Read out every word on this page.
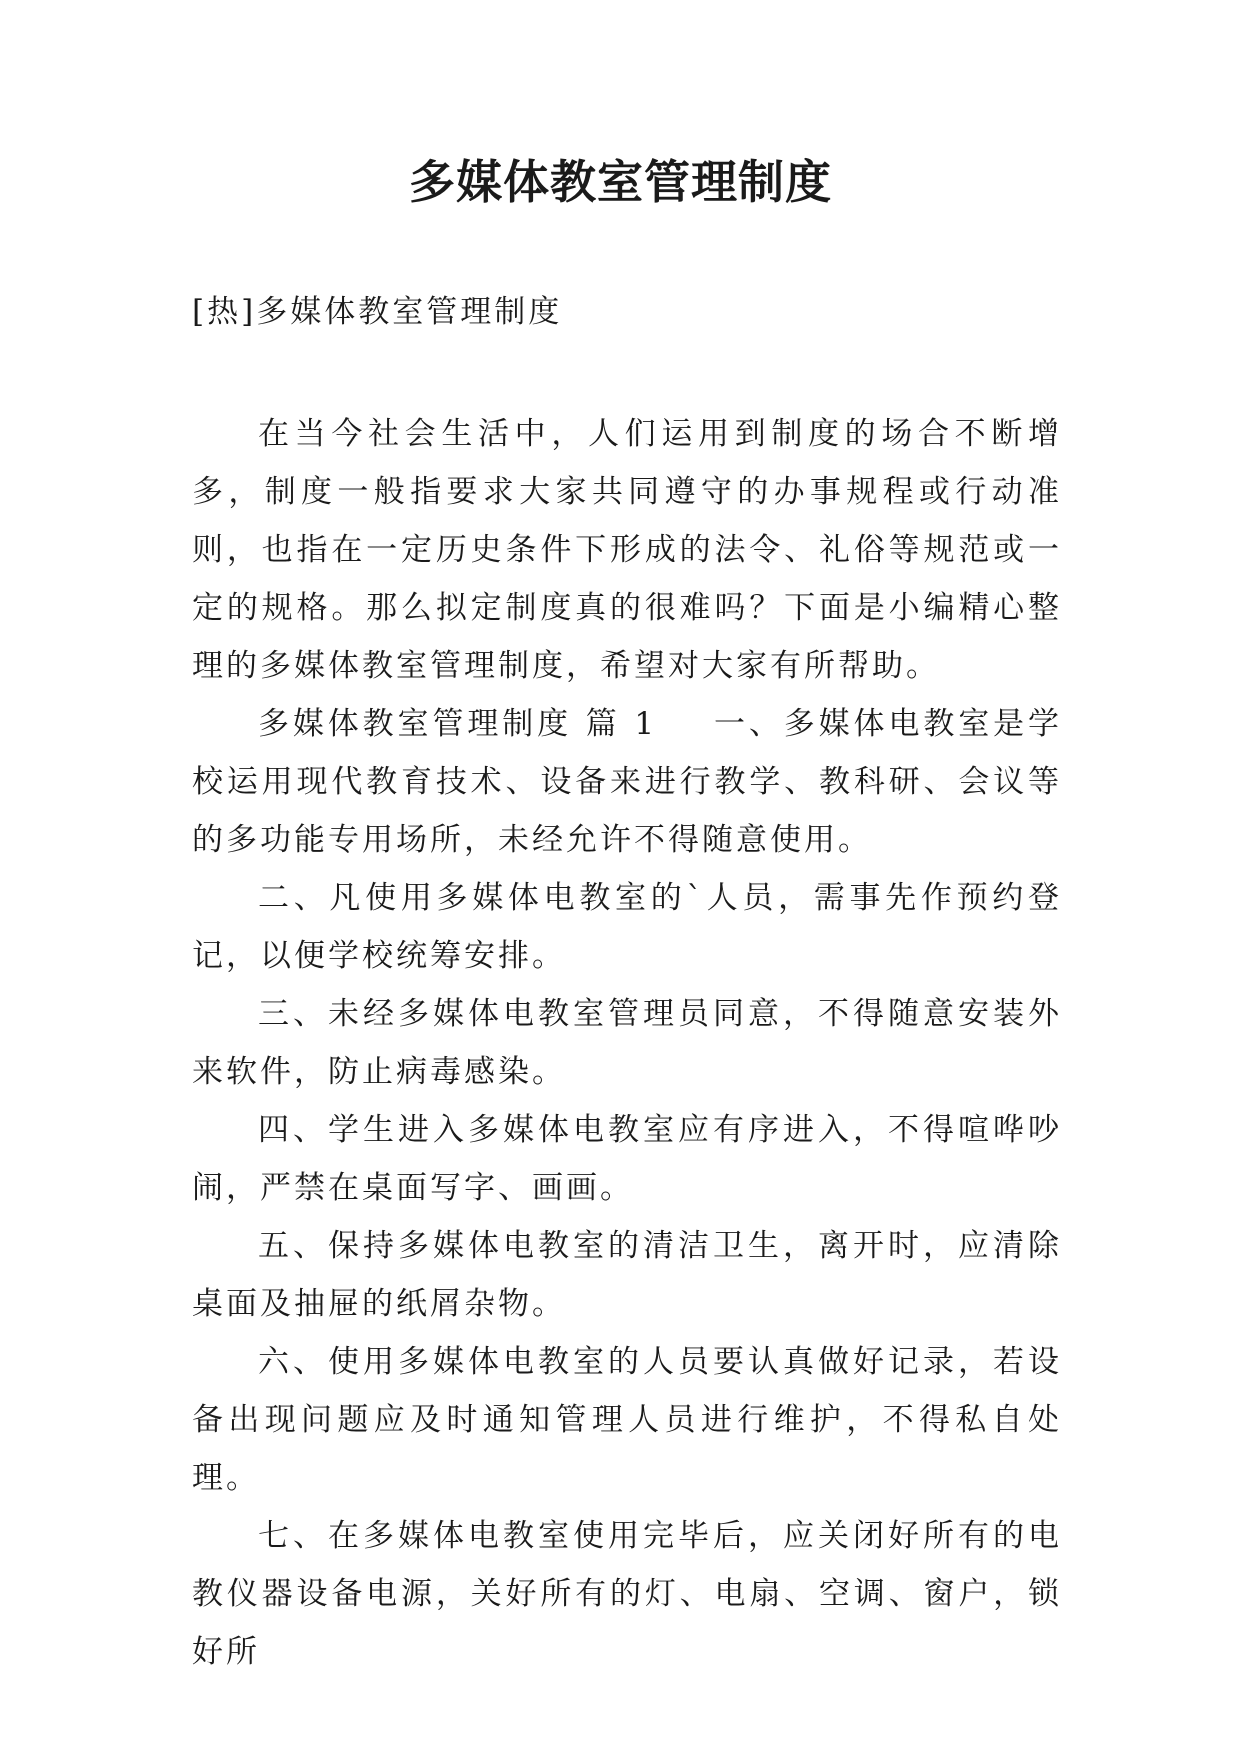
多媒体教室管理制度

[热]多媒体教室管理制度

在当今社会生活中，人们运用到制度的场合不断增多，制度一般指要求大家共同遵守的办事规程或行动准则，也指在一定历史条件下形成的法令、礼俗等规范或一定的规格。那么拟定制度真的很难吗？下面是小编精心整理的多媒体教室管理制度，希望对大家有所帮助。

多媒体教室管理制度 篇 1 一、多媒体电教室是学校运用现代教育技术、设备来进行教学、教科研、会议等的多功能专用场所，未经允许不得随意使用。

二、凡使用多媒体电教室的`人员，需事先作预约登记，以便学校统筹安排。

三、未经多媒体电教室管理员同意，不得随意安装外来软件，防止病毒感染。

四、学生进入多媒体电教室应有序进入，不得喧哗吵闹，严禁在桌面写字、画画。

五、保持多媒体电教室的清洁卫生，离开时，应清除桌面及抽屉的纸屑杂物。

六、使用多媒体电教室的人员要认真做好记录，若设备出现问题应及时通知管理人员进行维护，不得私自处理。

七、在多媒体电教室使用完毕后，应关闭好所有的电教仪器设备电源，关好所有的灯、电扇、空调、窗户，锁好所
